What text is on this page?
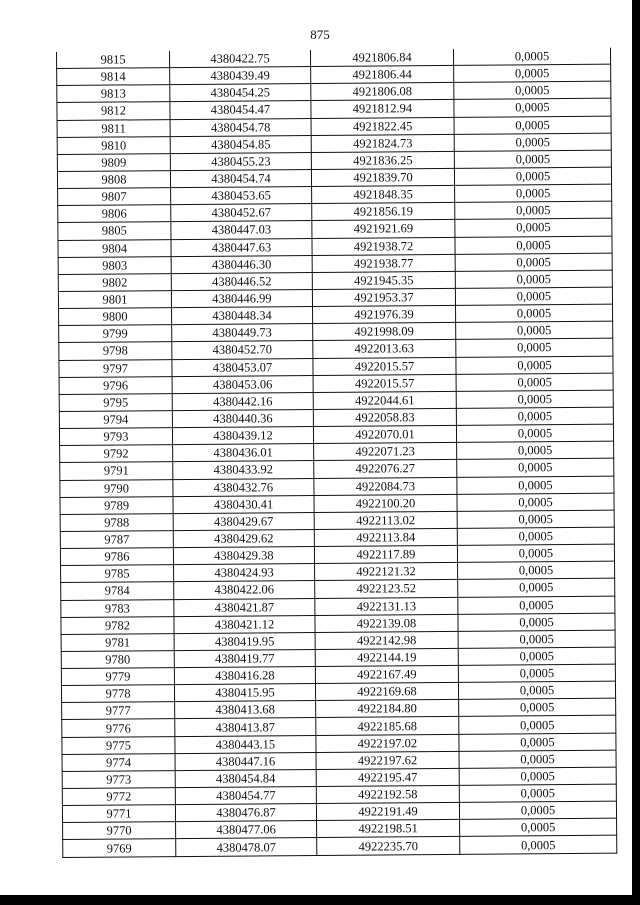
875
9815	4380422.75	4921806.84	0,0005
9814	4380439.49	4921806.44	0,0005
9813	4380454.25	4921806.08	0,0005
9812	4380454.47	4921812.94	0,0005
9811	4380454.78	4921822.45	0,0005
9810	4380454.85	4921824.73	0,0005
9809	4380455.23	4921836.25	0,0005
9808	4380454.74	4921839.70	0,0005
9807	4380453.65	4921848.35	0,0005
9806	4380452.67	4921856.19	0,0005
9805	4380447.03	4921921.69	0,0005
9804	4380447.63	4921938.72	0,0005
9803	4380446.30	4921938.77	0,0005
9802	4380446.52	4921945.35	0,0005
9801	4380446.99	4921953.37	0,0005
9800	4380448.34	4921976.39	0,0005
9799	4380449.73	4921998.09	0,0005
9798	4380452.70	4922013.63	0,0005
9797	4380453.07	4922015.57	0,0005
9796	4380453.06	4922015.57	0,0005
9795	4380442.16	4922044.61	0,0005
9794	4380440.36	4922058.83	0,0005
9793	4380439.12	4922070.01	0,0005
9792	4380436.01	4922071.23	0,0005
9791	4380433.92	4922076.27	0,0005
9790	4380432.76	4922084.73	0,0005
9789	4380430.41	4922100.20	0,0005
9788	4380429.67	4922113.02	0,0005
9787	4380429.62	4922113.84	0,0005
9786	4380429.38	4922117.89	0,0005
9785	4380424.93	4922121.32	0,0005
9784	4380422.06	4922123.52	0,0005
9783	4380421.87	4922131.13	0,0005
9782	4380421.12	4922139.08	0,0005
9781	4380419.95	4922142.98	0,0005
9780	4380419.77	4922144.19	0,0005
9779	4380416.28	4922167.49	0,0005
9778	4380415.95	4922169.68	0,0005
9777	4380413.68	4922184.80	0,0005
9776	4380413.87	4922185.68	0,0005
9775	4380443.15	4922197.02	0,0005
9774	4380447.16	4922197.62	0,0005
9773	4380454.84	4922195.47	0,0005
9772	4380454.77	4922192.58	0,0005
9771	4380476.87	4922191.49	0,0005
9770	4380477.06	4922198.51	0,0005
9769	4380478.07	4922235.70	0,0005
